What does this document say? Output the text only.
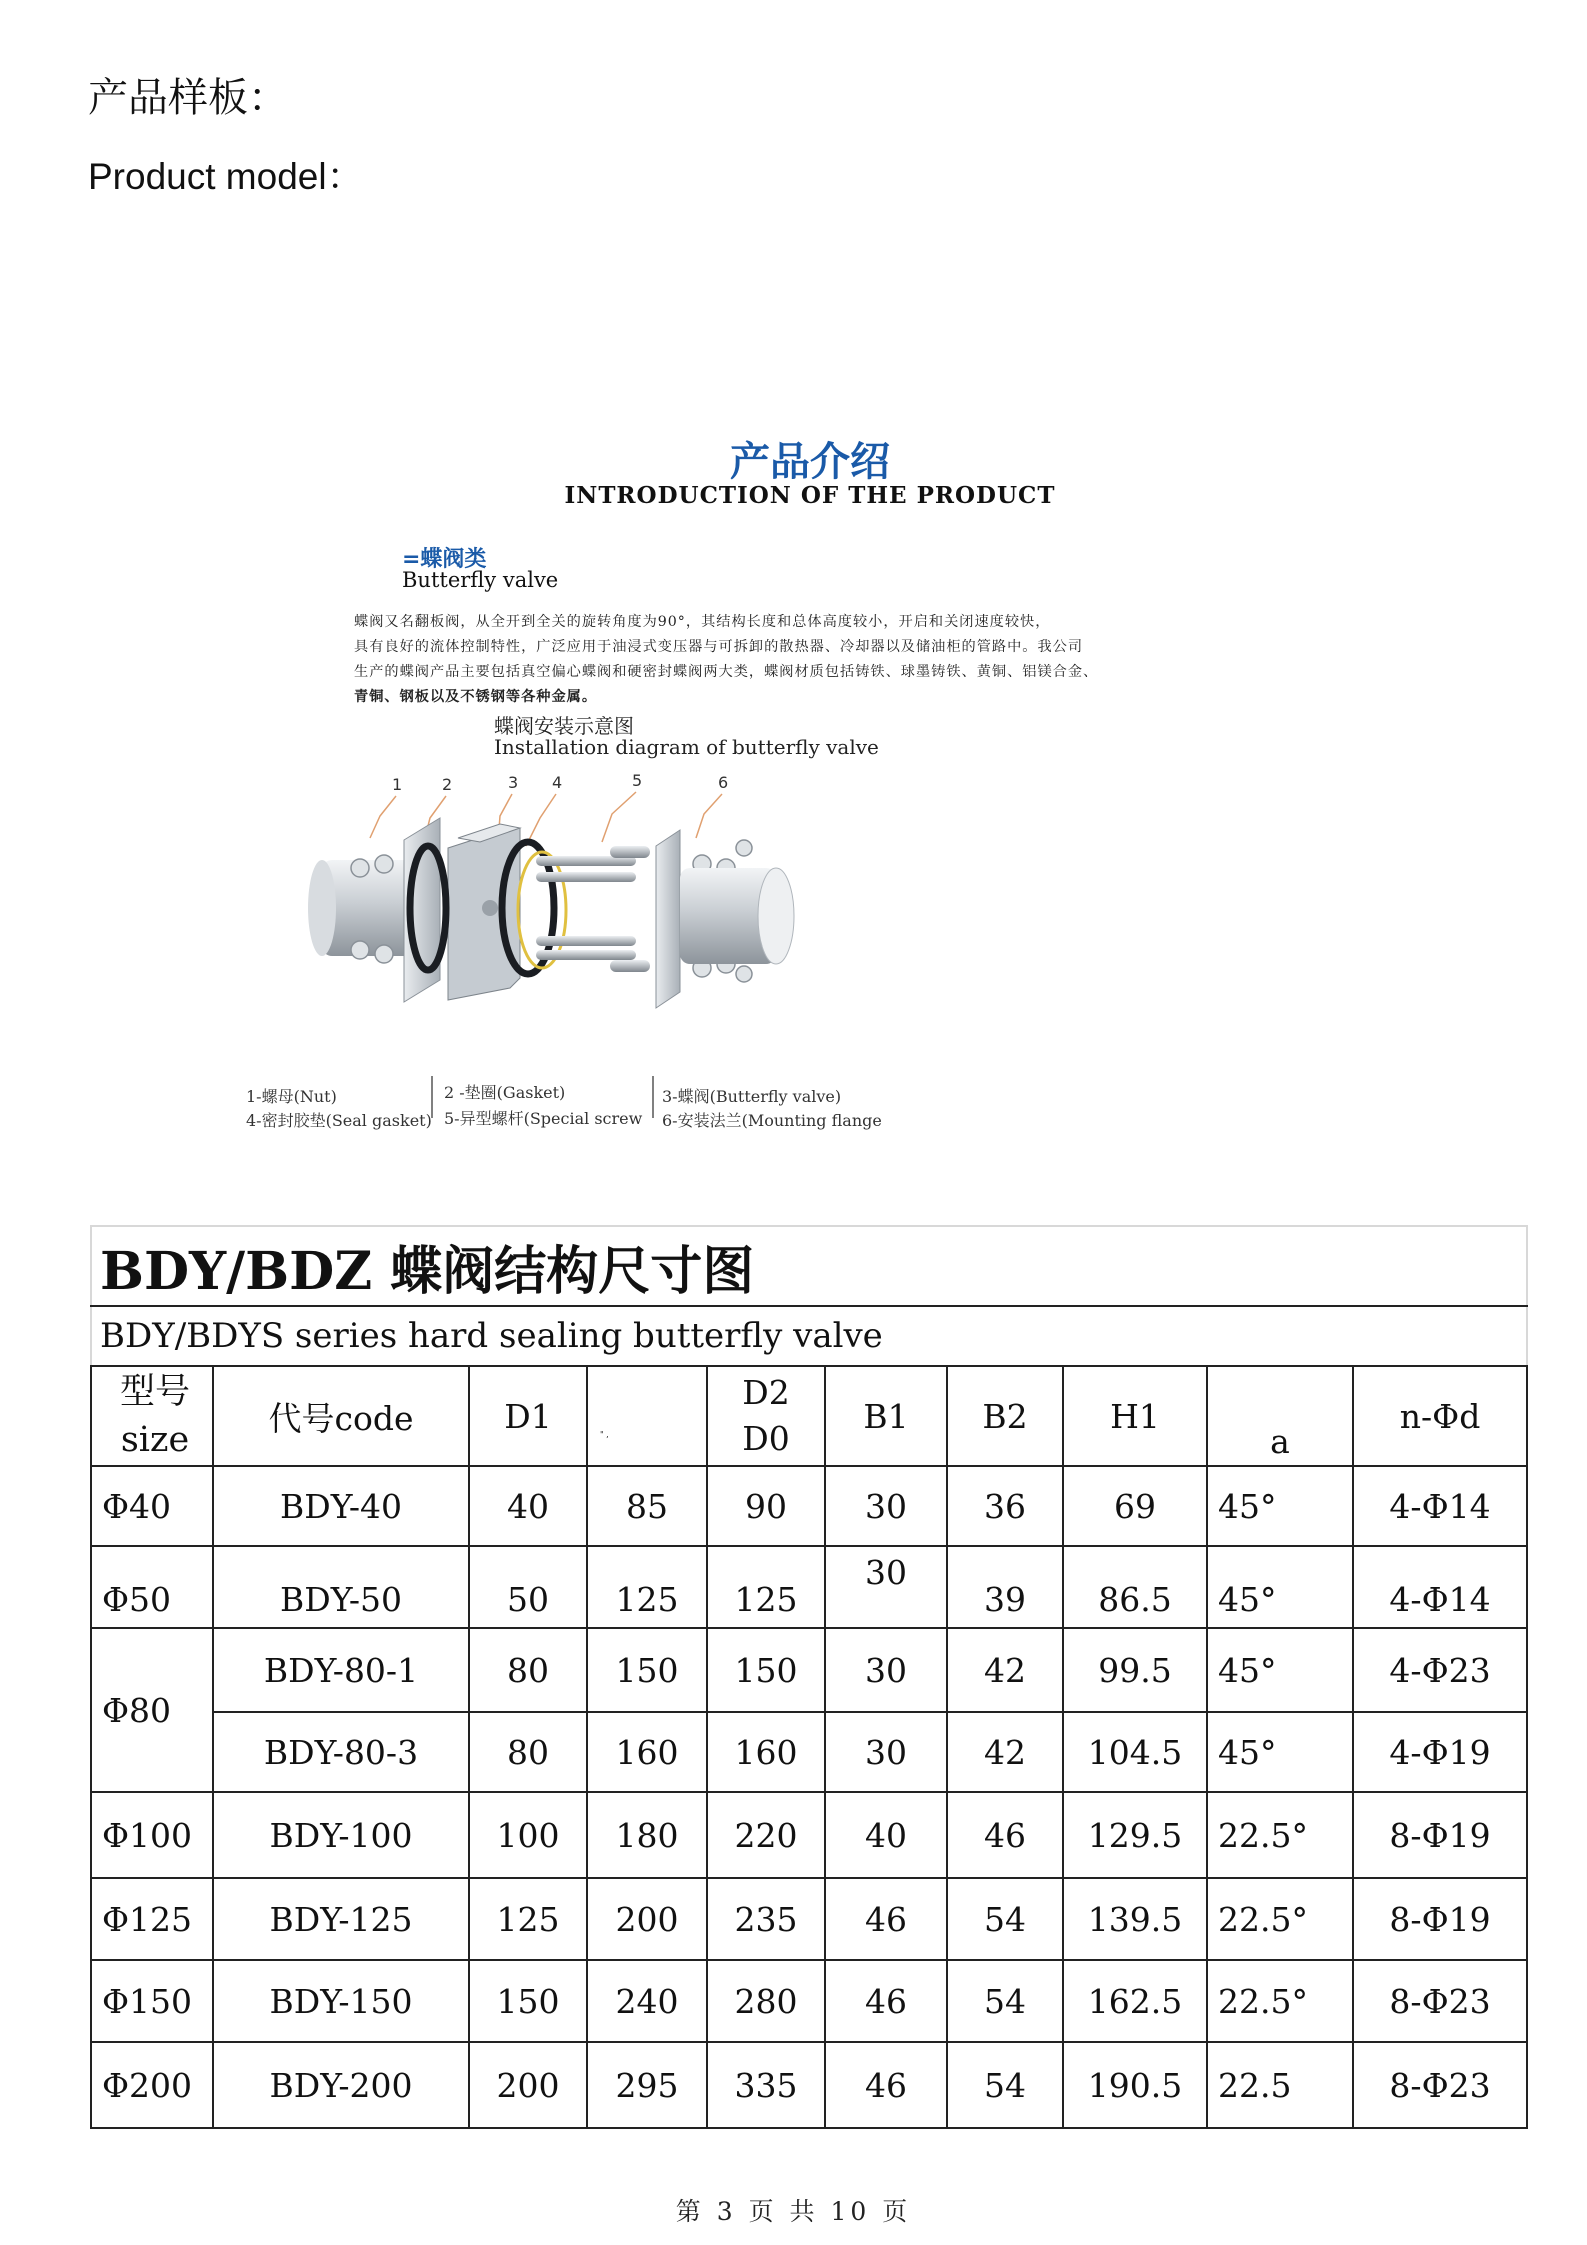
产品样板：
Product model：
产品介绍
INTRODUCTION OF THE PRODUCT
=蝶阀类
Butterfly valve

蝶阀又名翻板阀，从全开到全关的旋转角度为90°，其结构长度和总体高度较小，开启和关闭速度较快，

具有良好的流体控制特性，广泛应用于油浸式变压器与可拆卸的散热器、冷却器以及储油柜的管路中。我公司

生产的蝶阀产品主要包括真空偏心蝶阀和硬密封蝶阀两大类，蝶阀材质包括铸铁、球墨铸铁、黄铜、铝镁合金、

青铜、钢板以及不锈钢等各种金属。

蝶阀安装示意图
Installation diagram of butterfly valve
1 2	3 4	5	6
1-螺母(Nut)	2 -垫圈(Gasket)	3-蝶阀(Butterfly valve)
4-密封胶垫(Seal gasket) 5-异型螺杆(Special screw 6-安装法兰(Mounting flange
BDY/BDZ 蝶阀结构尺寸图									
BDY/BDYS series hard sealing butterfly valve									

型号
size	代号code	D1	" ,	D2
D0	B1	B2	H1	a	n-Φd
Φ40	BDY-40	40	85	90	30	36	69	45°	4-Φ14
Φ50	BDY-50	50	125	125	30	39	86.5	45°	4-Φ14
Φ80	BDY-80-1	80	150	150	30	42	99.5	45°	4-Φ23
	BDY-80-3	80	160	160	30	42	104.5	45°	4-Φ19
Φ100	BDY-100	100	180	220	40	46	129.5	22.5°	8-Φ19
Φ125	BDY-125	125	200	235	46	54	139.5	22.5°	8-Φ19
Φ150	BDY-150	150	240	280	46	54	162.5	22.5°	8-Φ23
Φ200	BDY-200	200	295	335	46	54	190.5	22.5	8-Φ23
第 3 页 共 10 页
